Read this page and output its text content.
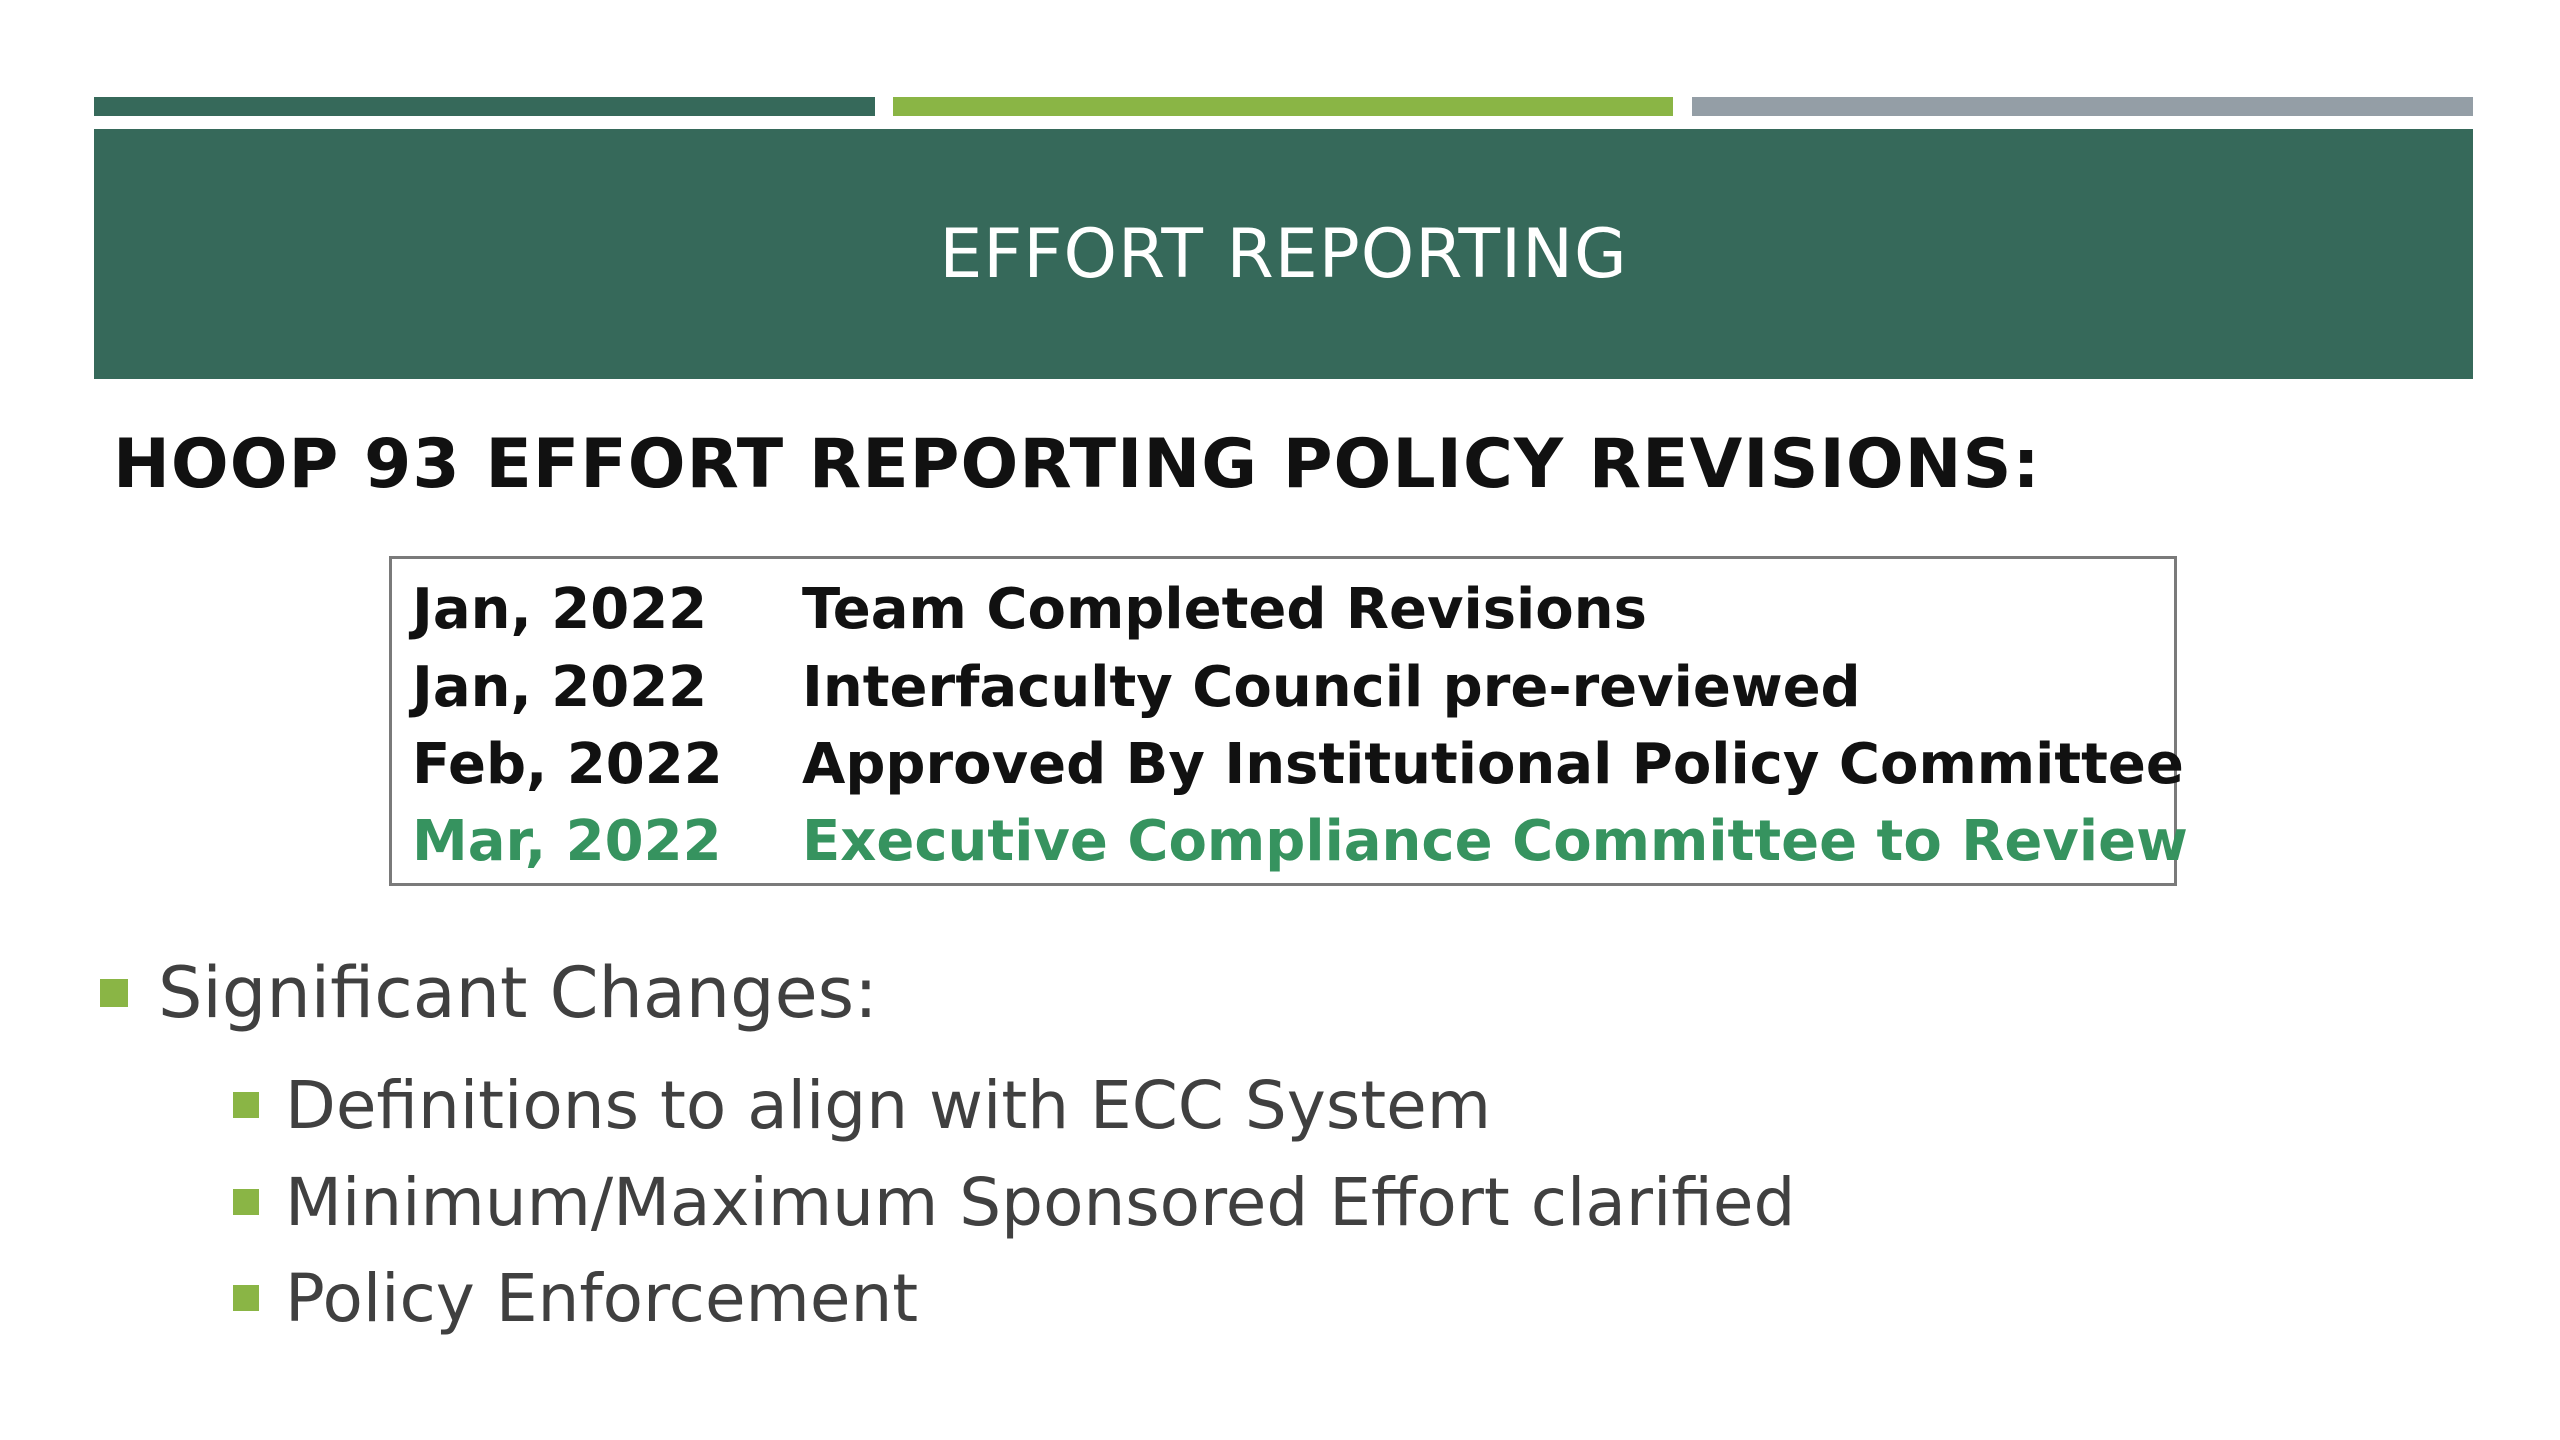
EFFORT REPORTING
HOOP 93 EFFORT REPORTING POLICY REVISIONS:
Jan, 2022	Team Completed Revisions
Jan, 2022	Interfaculty Council pre-reviewed
Feb, 2022	Approved By Institutional Policy Committee
Mar, 2022	Executive Compliance Committee to Review
Significant Changes:
Definitions to align with ECC System
Minimum/Maximum Sponsored Effort clarified
Policy Enforcement
